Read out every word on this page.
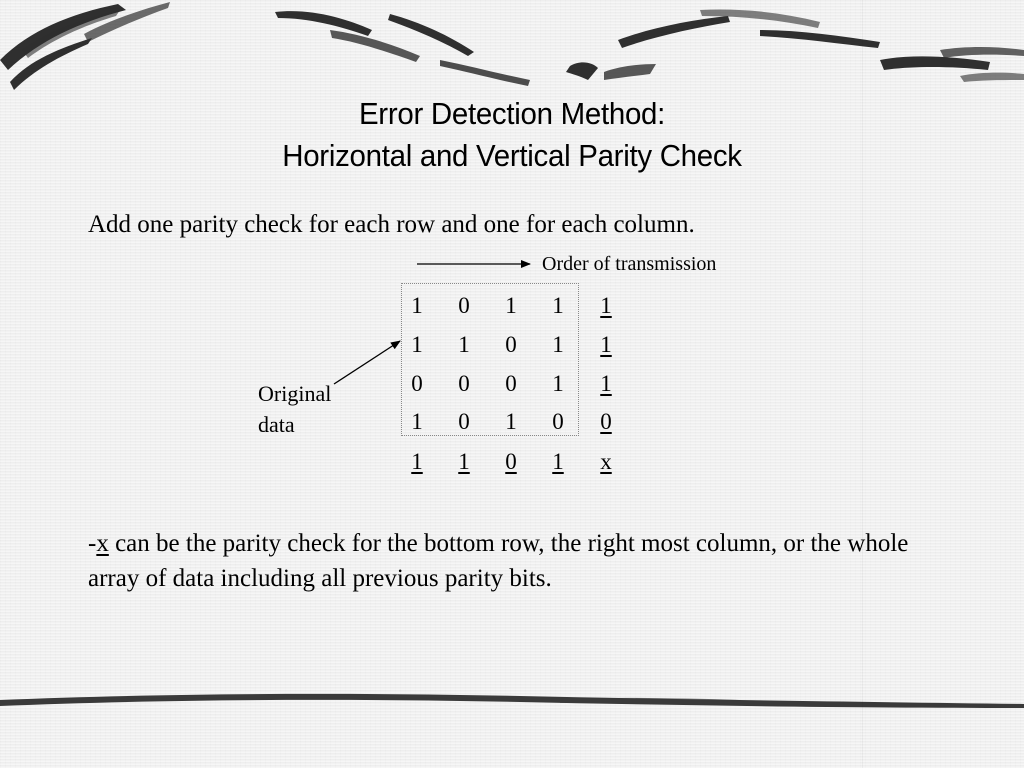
Error Detection Method:
Horizontal and Vertical Parity Check
Add one parity check for each row and one for each column.
Order of transmission
1 0 1 1 1
1 1 0 1 1
0 0 0 1 1
1 0 1 0 0
1 1 0 1 x
Original
data
-x can be the parity check for the bottom row, the right most column, or the whole array of data including all previous parity bits.
